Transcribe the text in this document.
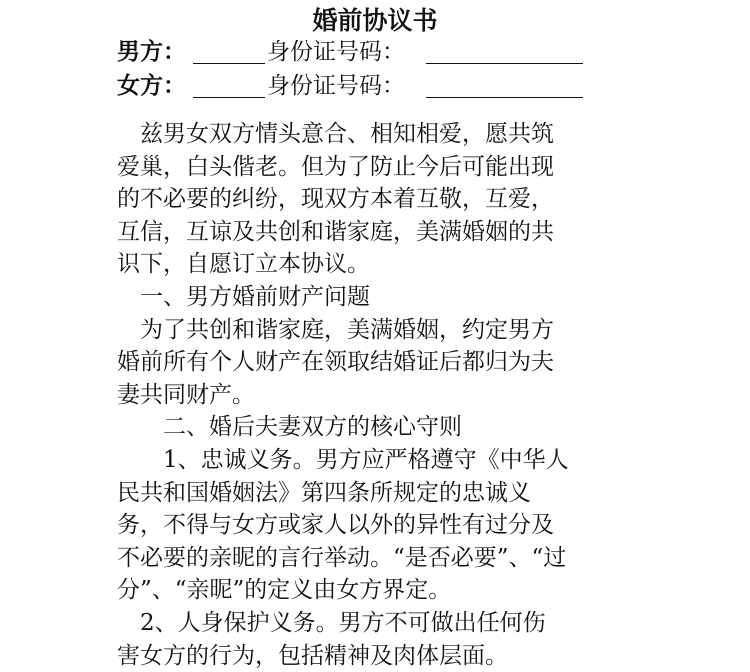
婚前协议书
男方：	身份证号码：
女方：	身份证号码：
　兹男女双方情头意合、相知相爱，愿共筑
爱巢，白头偕老。但为了防止今后可能出现
的不必要的纠纷，现双方本着互敬，互爱，
互信，互谅及共创和谐家庭，美满婚姻的共
识下，自愿订立本协议。
　一、男方婚前财产问题
　为了共创和谐家庭，美满婚姻，约定男方
婚前所有个人财产在领取结婚证后都归为夫
妻共同财产。
　　二、婚后夫妻双方的核心守则
　　1、忠诚义务。男方应严格遵守《中华人
民共和国婚姻法》第四条所规定的忠诚义
务，不得与女方或家人以外的异性有过分及
不必要的亲昵的言行举动。“是否必要”、“过
分”、“亲昵”的定义由女方界定。
　2、人身保护义务。男方不可做出任何伤
害女方的行为，包括精神及肉体层面。
